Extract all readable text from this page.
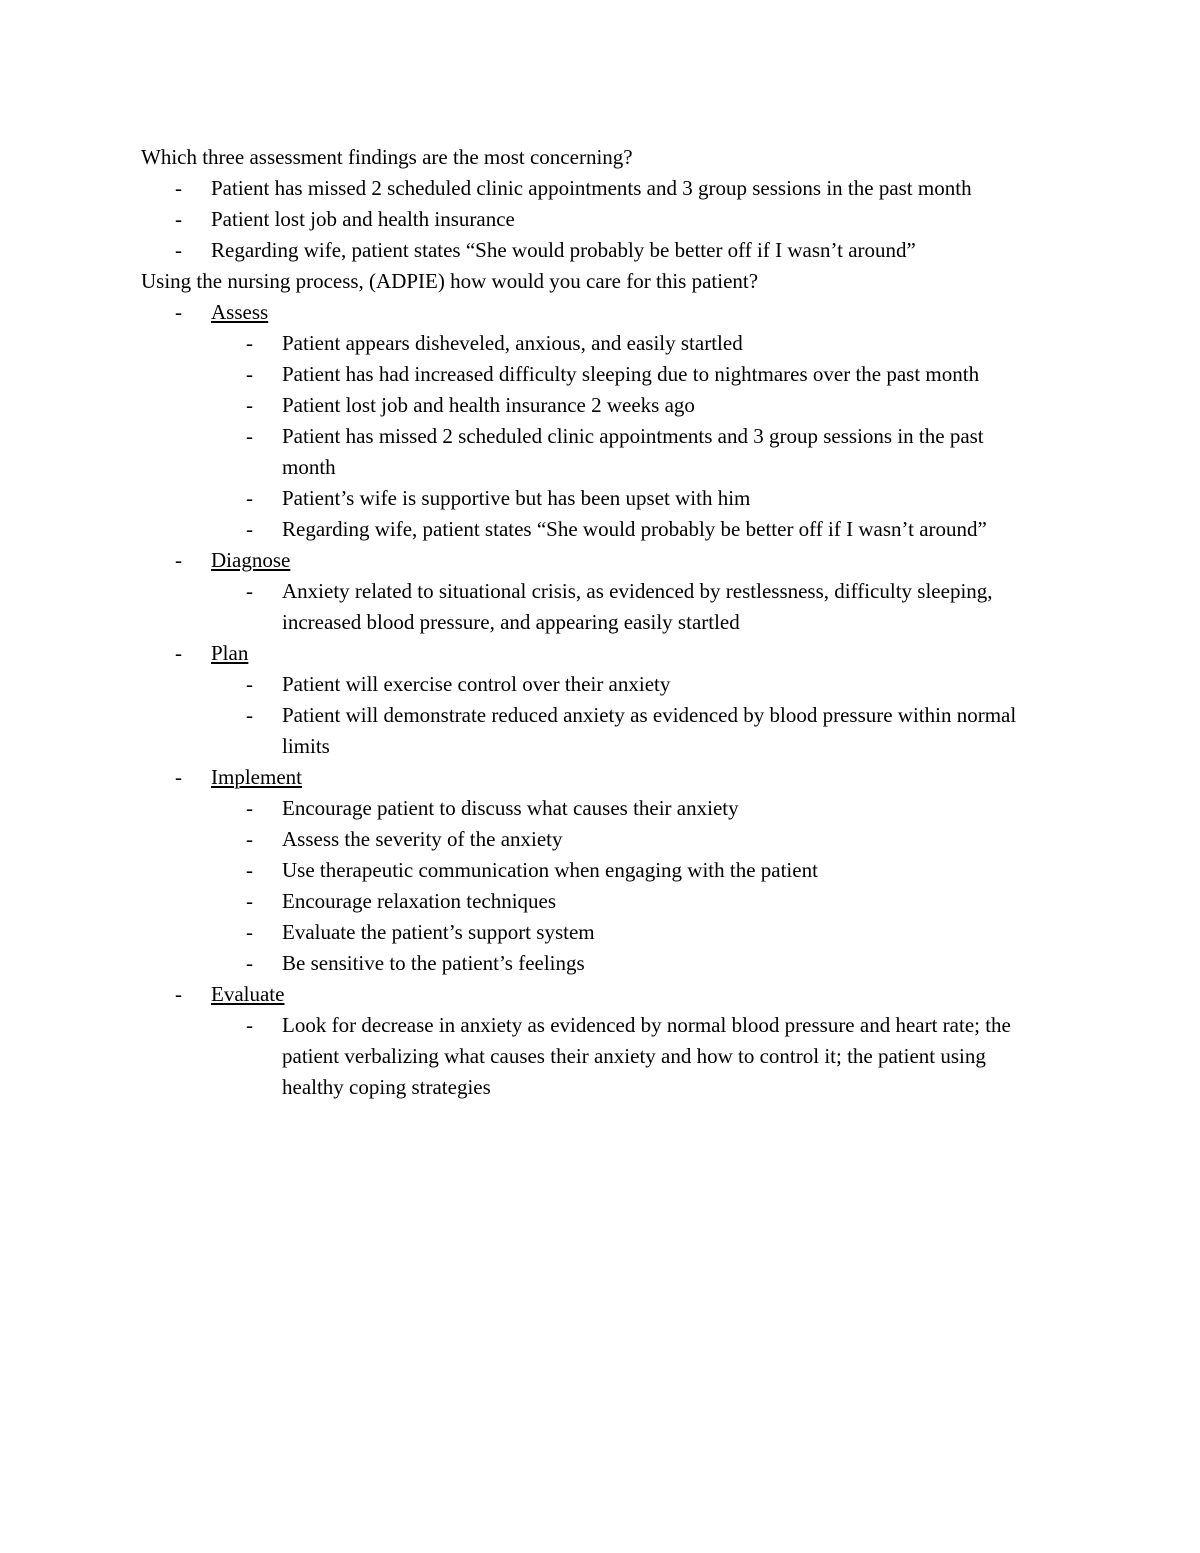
Which three assessment findings are the most concerning?

- Patient has missed 2 scheduled clinic appointments and 3 group sessions in the past month
- Patient lost job and health insurance
- Regarding wife, patient states “She would probably be better off if I wasn’t around”

Using the nursing process, (ADPIE) how would you care for this patient?

- Assess
- Patient appears disheveled, anxious, and easily startled
- Patient has had increased difficulty sleeping due to nightmares over the past month
- Patient lost job and health insurance 2 weeks ago
- Patient has missed 2 scheduled clinic appointments and 3 group sessions in the past month
- Patient’s wife is supportive but has been upset with him
- Regarding wife, patient states “She would probably be better off if I wasn’t around”
- Diagnose
- Anxiety related to situational crisis, as evidenced by restlessness, difficulty sleeping, increased blood pressure, and appearing easily startled
- Plan
- Patient will exercise control over their anxiety
- Patient will demonstrate reduced anxiety as evidenced by blood pressure within normal limits
- Implement
- Encourage patient to discuss what causes their anxiety
- Assess the severity of the anxiety
- Use therapeutic communication when engaging with the patient
- Encourage relaxation techniques
- Evaluate the patient’s support system
- Be sensitive to the patient’s feelings
- Evaluate
- Look for decrease in anxiety as evidenced by normal blood pressure and heart rate; the patient verbalizing what causes their anxiety and how to control it; the patient using healthy coping strategies
